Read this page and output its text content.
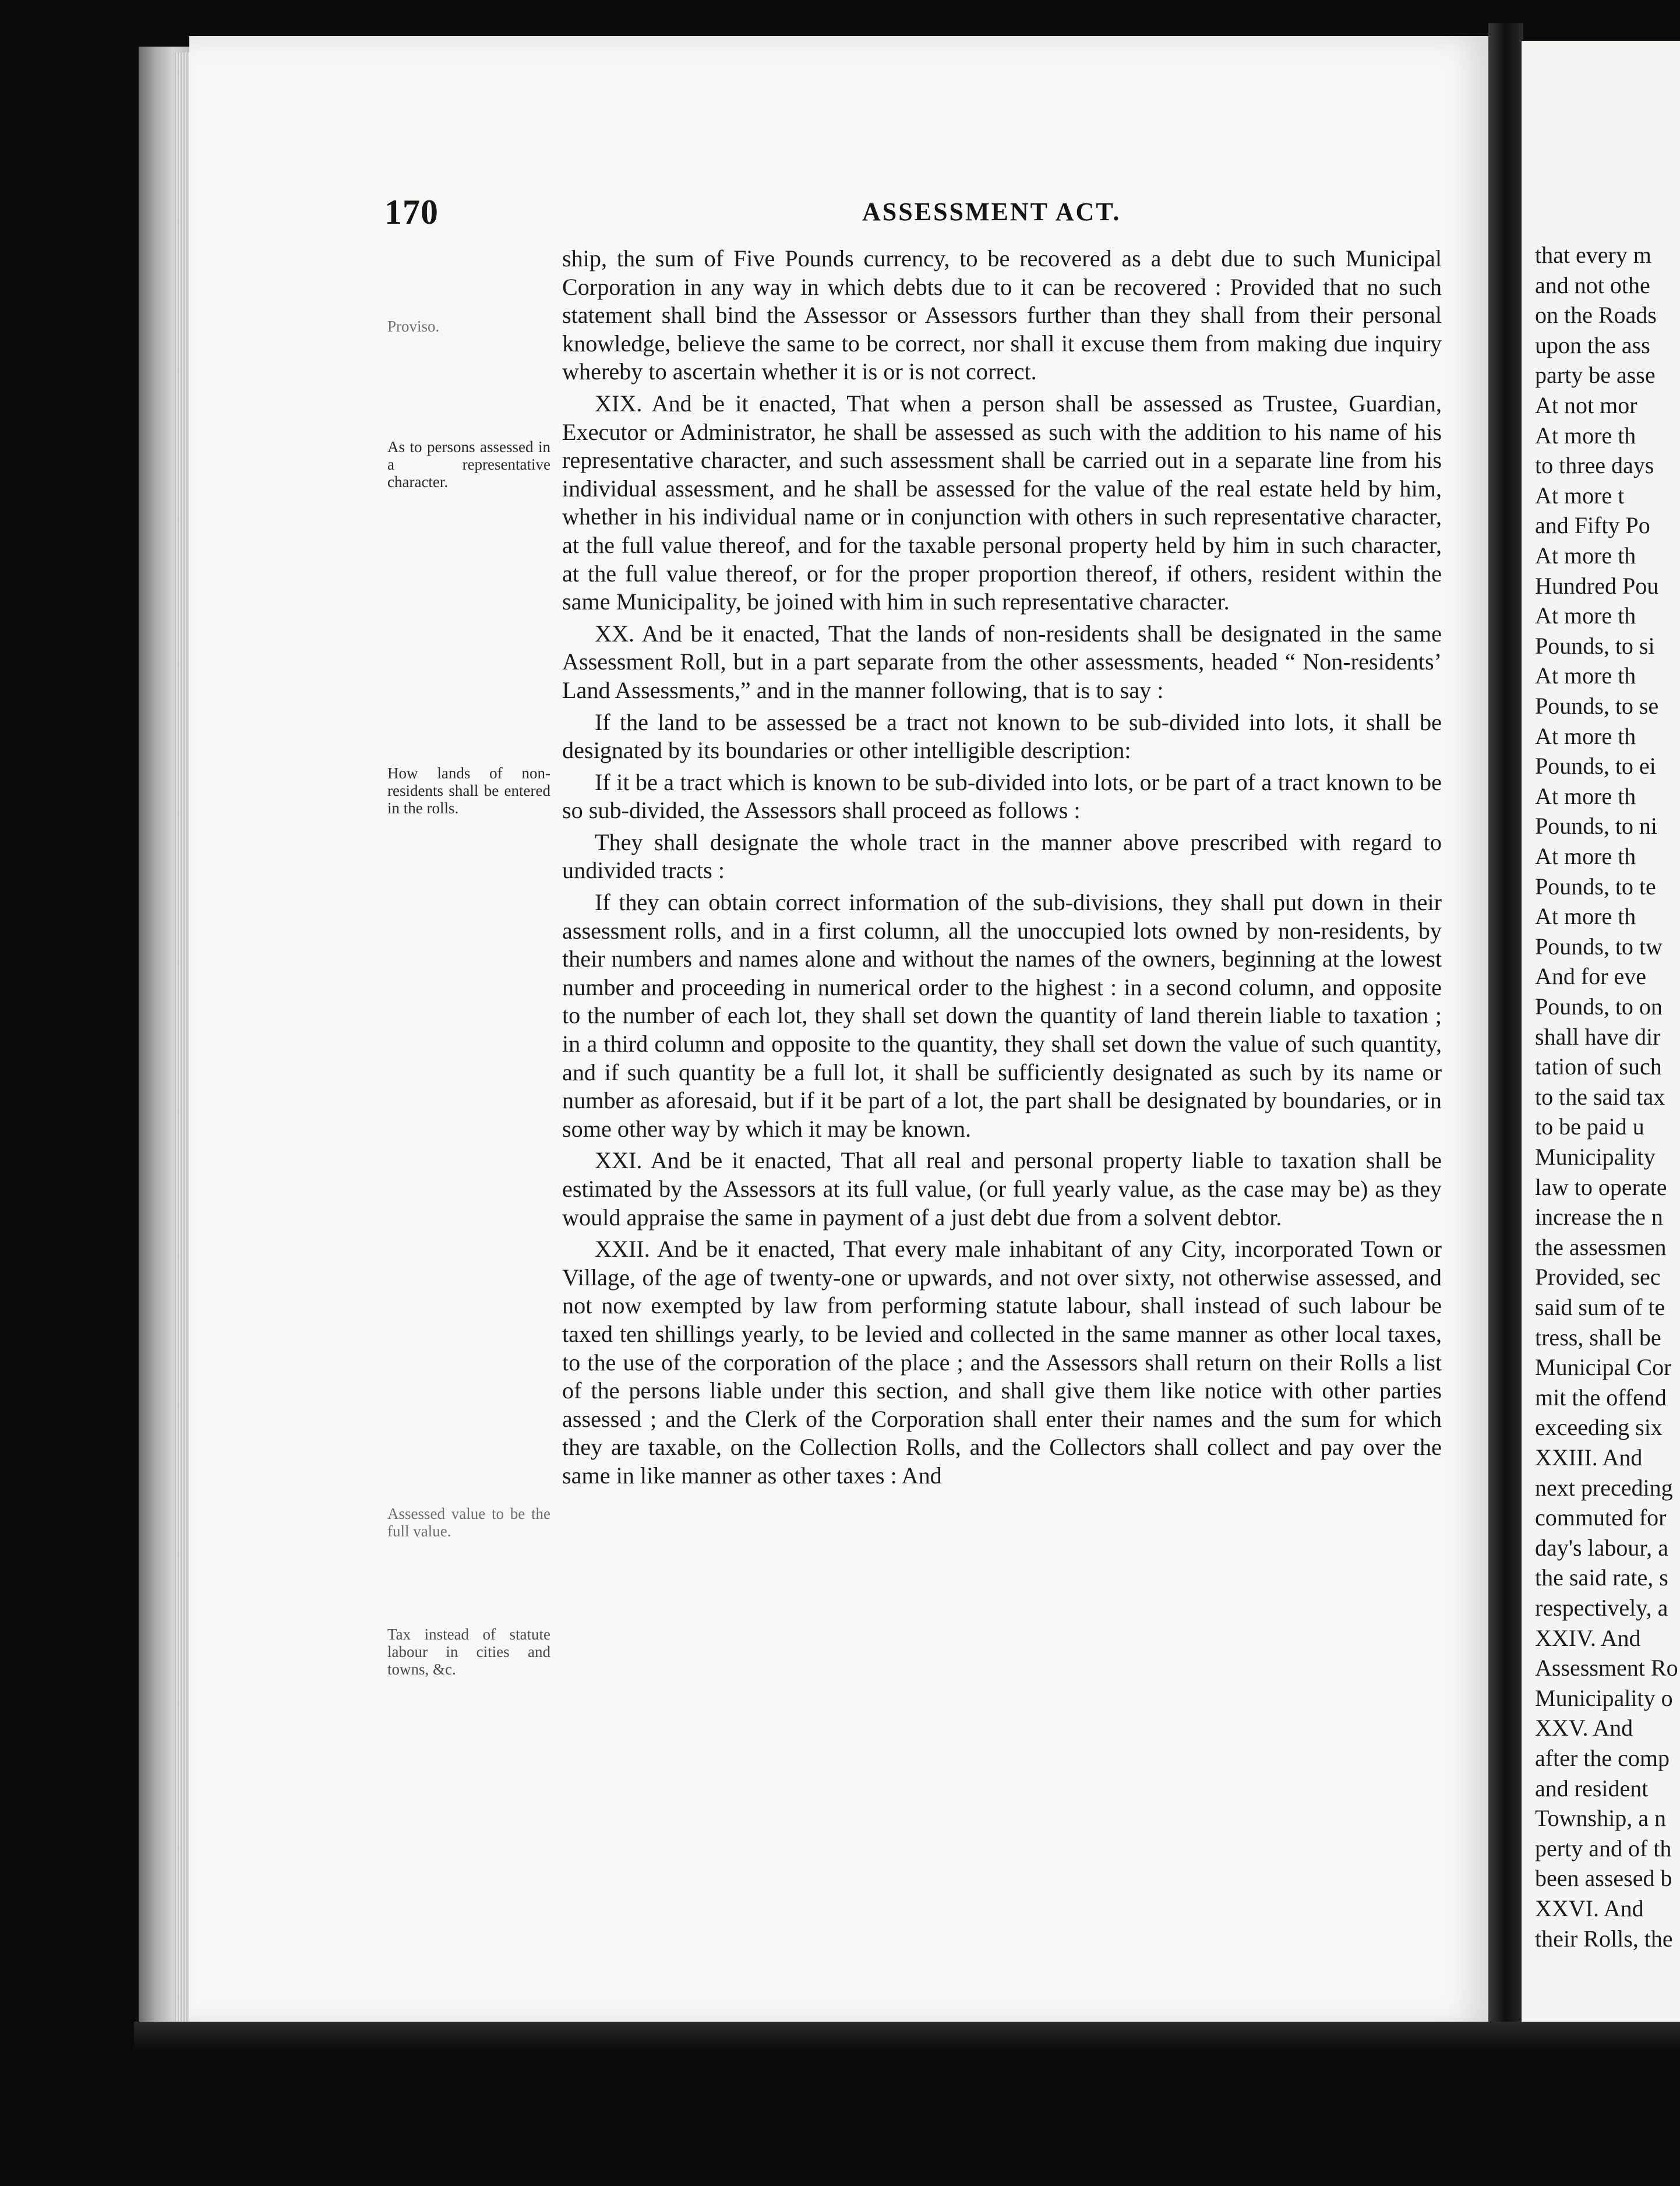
170	ASSESSMENT ACT.
Proviso.
As to persons assessed in a representative character.
How lands of non-residents shall be entered in the rolls.
Assessed value to be the full value.
Tax instead of statute labour in cities and towns, &c.

ship, the sum of Five Pounds currency, to be recovered as a debt due to such Municipal Corporation in any way in which debts due to it can be recovered : Provided that no such statement shall bind the Assessor or Assessors further than they shall from their personal knowledge, believe the same to be correct, nor shall it excuse them from making due inquiry whereby to ascertain whether it is or is not correct.

XIX. And be it enacted, That when a person shall be assessed as Trustee, Guardian, Executor or Administrator, he shall be assessed as such with the addition to his name of his representative character, and such assessment shall be carried out in a separate line from his individual assessment, and he shall be assessed for the value of the real estate held by him, whether in his individual name or in conjunction with others in such representative character, at the full value thereof, and for the taxable personal property held by him in such character, at the full value thereof, or for the proper proportion thereof, if others, resident within the same Municipality, be joined with him in such representative character.

XX. And be it enacted, That the lands of non-residents shall be designated in the same Assessment Roll, but in a part separate from the other assessments, headed “ Non-residents’ Land Assessments,” and in the manner following, that is to say :

If the land to be assessed be a tract not known to be sub-divided into lots, it shall be designated by its boundaries or other intelligible description:

If it be a tract which is known to be sub-divided into lots, or be part of a tract known to be so sub-divided, the Assessors shall proceed as follows :

They shall designate the whole tract in the manner above prescribed with regard to undivided tracts :

If they can obtain correct information of the sub-divisions, they shall put down in their assessment rolls, and in a first column, all the unoccupied lots owned by non-residents, by their numbers and names alone and without the names of the owners, beginning at the lowest number and proceeding in numerical order to the highest : in a second column, and opposite to the number of each lot, they shall set down the quantity of land therein liable to taxation ; in a third column and opposite to the quantity, they shall set down the value of such quantity, and if such quantity be a full lot, it shall be sufficiently designated as such by its name or number as aforesaid, but if it be part of a lot, the part shall be designated by boundaries, or in some other way by which it may be known.

XXI. And be it enacted, That all real and personal property liable to taxation shall be estimated by the Assessors at its full value, (or full yearly value, as the case may be) as they would appraise the same in payment of a just debt due from a solvent debtor.

XXII. And be it enacted, That every male inhabitant of any City, incorporated Town or Village, of the age of twenty-one or upwards, and not over sixty, not otherwise assessed, and not now exempted by law from performing statute labour, shall instead of such labour be taxed ten shillings yearly, to be levied and collected in the same manner as other local taxes, to the use of the corporation of the place ; and the Assessors shall return on their Rolls a list of the persons liable under this section, and shall give them like notice with other parties assessed ; and the Clerk of the Corporation shall enter their names and the sum for which they are taxable, on the Collection Rolls, and the Collectors shall collect and pay over the same in like manner as other taxes : And

that every m
and not othe
on the Roads
upon the ass
party be asse
At not mor
At more th
to three days
At more t
and Fifty Po
At more th
Hundred Pou
At more th
Pounds, to si
At more th
Pounds, to se
At more th
Pounds, to ei
At more th
Pounds, to ni
At more th
Pounds, to te
At more th
Pounds, to tw
And for eve
Pounds, to on
shall have dir
tation of such
to the said tax
to be paid u
Municipality
law to operate
increase the n
the assessmen
Provided, sec
said sum of te
tress, shall be
Municipal Cor
mit the offend
exceeding six
XXIII. And
next preceding
commuted for
day's labour, a
the said rate, s
respectively, a
XXIV. And
Assessment Ro
Municipality o
XXV. And
after the comp
and resident
Township, a n
perty and of th
been assesed b
XXVI. And
their Rolls, the
